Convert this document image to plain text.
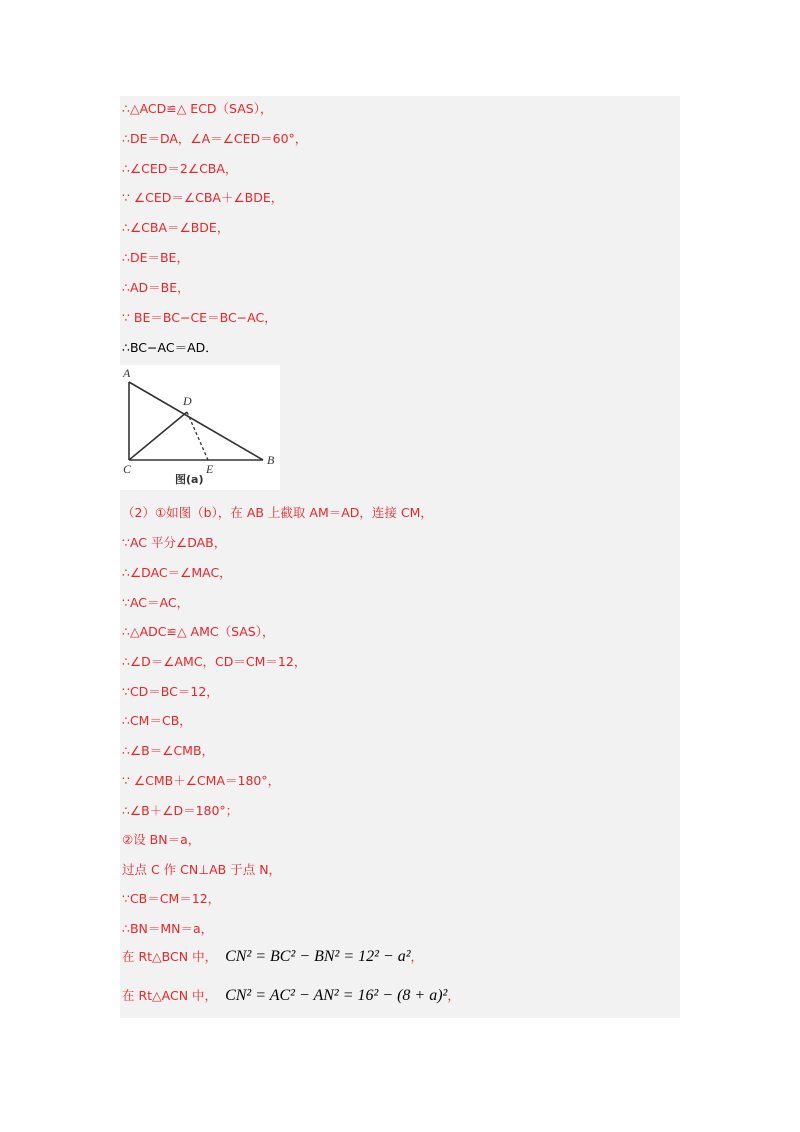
∴△ACD≌△ ECD（SAS），
∴DE＝DA，∠A＝∠CED＝60°，
∴∠CED＝2∠CBA，
∵ ∠CED＝∠CBA＋∠BDE，
∴∠CBA＝∠BDE，
∴DE＝BE，
∴AD＝BE，
∵ BE＝BC−CE＝BC−AC，
∴BC−AC＝AD．
A
D
C	E
B
图(a)
（2）①如图（b），在 AB 上截取 AM＝AD，连接 CM，
∵AC 平分∠DAB，
∴∠DAC＝∠MAC，
∵AC＝AC，
∴△ADC≌△ AMC（SAS），
∴∠D＝∠AMC，CD＝CM＝12，
∵CD＝BC＝12，
∴CM＝CB，
∴∠B＝∠CMB，
∵ ∠CMB＋∠CMA＝180°，
∴∠B＋∠D＝180°；
②设 BN＝a，
过点 C 作 CN⊥AB 于点 N，
∵CB＝CM＝12，
∴BN＝MN＝a，
在 Rt△BCN 中， CN² = BC² − BN² = 12² − a²，
在 Rt△ACN 中， CN² = AC² − AN² = 16² − (8 + a)²，
